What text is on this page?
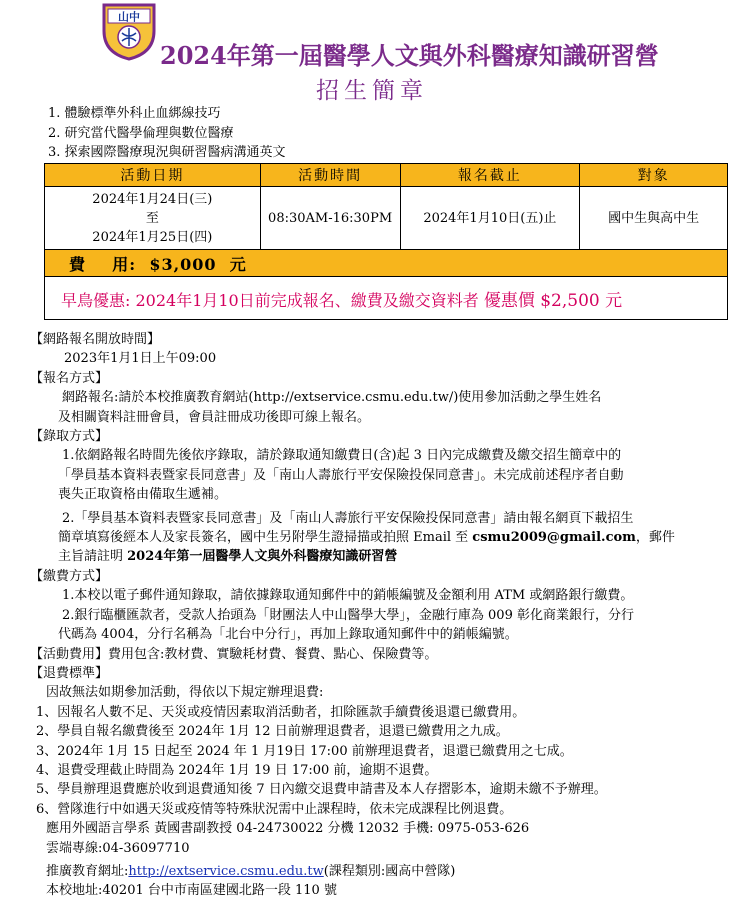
山中
2024年第一屆醫學人文與外科醫療知識研習營
招生簡章
1. 體驗標準外科止血綁線技巧
2. 研究當代醫學倫理與數位醫療
3. 探索國際醫療現況與研習醫病溝通英文
活動日期	活動時間	報名截止	對象

2024年1月24日(三)
至
2024年1月25日(四)	08:30AM-16:30PM	2024年1月10日(五)止	國中生與高中生
費    用:  $3,000  元			
早鳥優惠: 2024年1月10日前完成報名、繳費及繳交資料者 優惠價 $2,500 元			
【網路報名開放時間】
2023年1月1日上午09:00
【報名方式】
網路報名:請於本校推廣教育網站(http://extservice.csmu.edu.tw/)使用參加活動之學生姓名
及相關資料註冊會員，會員註冊成功後即可線上報名。
【錄取方式】
1.依網路報名時間先後依序錄取，請於錄取通知繳費日(含)起 3 日內完成繳費及繳交招生簡章中的
「學員基本資料表暨家長同意書」及「南山人壽旅行平安保險投保同意書」。未完成前述程序者自動
喪失正取資格由備取生遞補。
2.「學員基本資料表暨家長同意書」及「南山人壽旅行平安保險投保同意書」請由報名網頁下載招生
簡章填寫後經本人及家長簽名，國中生另附學生證掃描或拍照 Email 至 csmu2009@gmail.com，郵件
主旨請註明 2024年第一屆醫學人文與外科醫療知識研習營
【繳費方式】
1.本校以電子郵件通知錄取，請依據錄取通知郵件中的銷帳編號及金額利用 ATM 或網路銀行繳費。
2.銀行臨櫃匯款者，受款人抬頭為「財團法人中山醫學大學」，金融行庫為 009 彰化商業銀行，分行
代碼為 4004，分行名稱為「北台中分行」，再加上錄取通知郵件中的銷帳編號。
【活動費用】費用包含:教材費、實驗耗材費、餐費、點心、保險費等。
【退費標準】
因故無法如期參加活動，得依以下規定辦理退費:
1、因報名人數不足、天災或疫情因素取消活動者，扣除匯款手續費後退還已繳費用。
2、學員自報名繳費後至 2024年 1月 12 日前辦理退費者，退還已繳費用之九成。
3、2024年 1月 15 日起至 2024 年 1 月19日 17:00 前辦理退費者，退還已繳費用之七成。
4、退費受理截止時間為 2024年 1月 19 日 17:00 前，逾期不退費。
5、學員辦理退費應於收到退費通知後 7 日內繳交退費申請書及本人存摺影本，逾期未繳不予辦理。
6、營隊進行中如遇天災或疫情等特殊狀況需中止課程時，依未完成課程比例退費。
應用外國語言學系 黃國書副教授 04-24730022 分機 12032 手機: 0975-053-626
雲端專線:04-36097710
推廣教育網址:http://extservice.csmu.edu.tw(課程類別:國高中營隊)
本校地址:40201 台中市南區建國北路一段 110 號
